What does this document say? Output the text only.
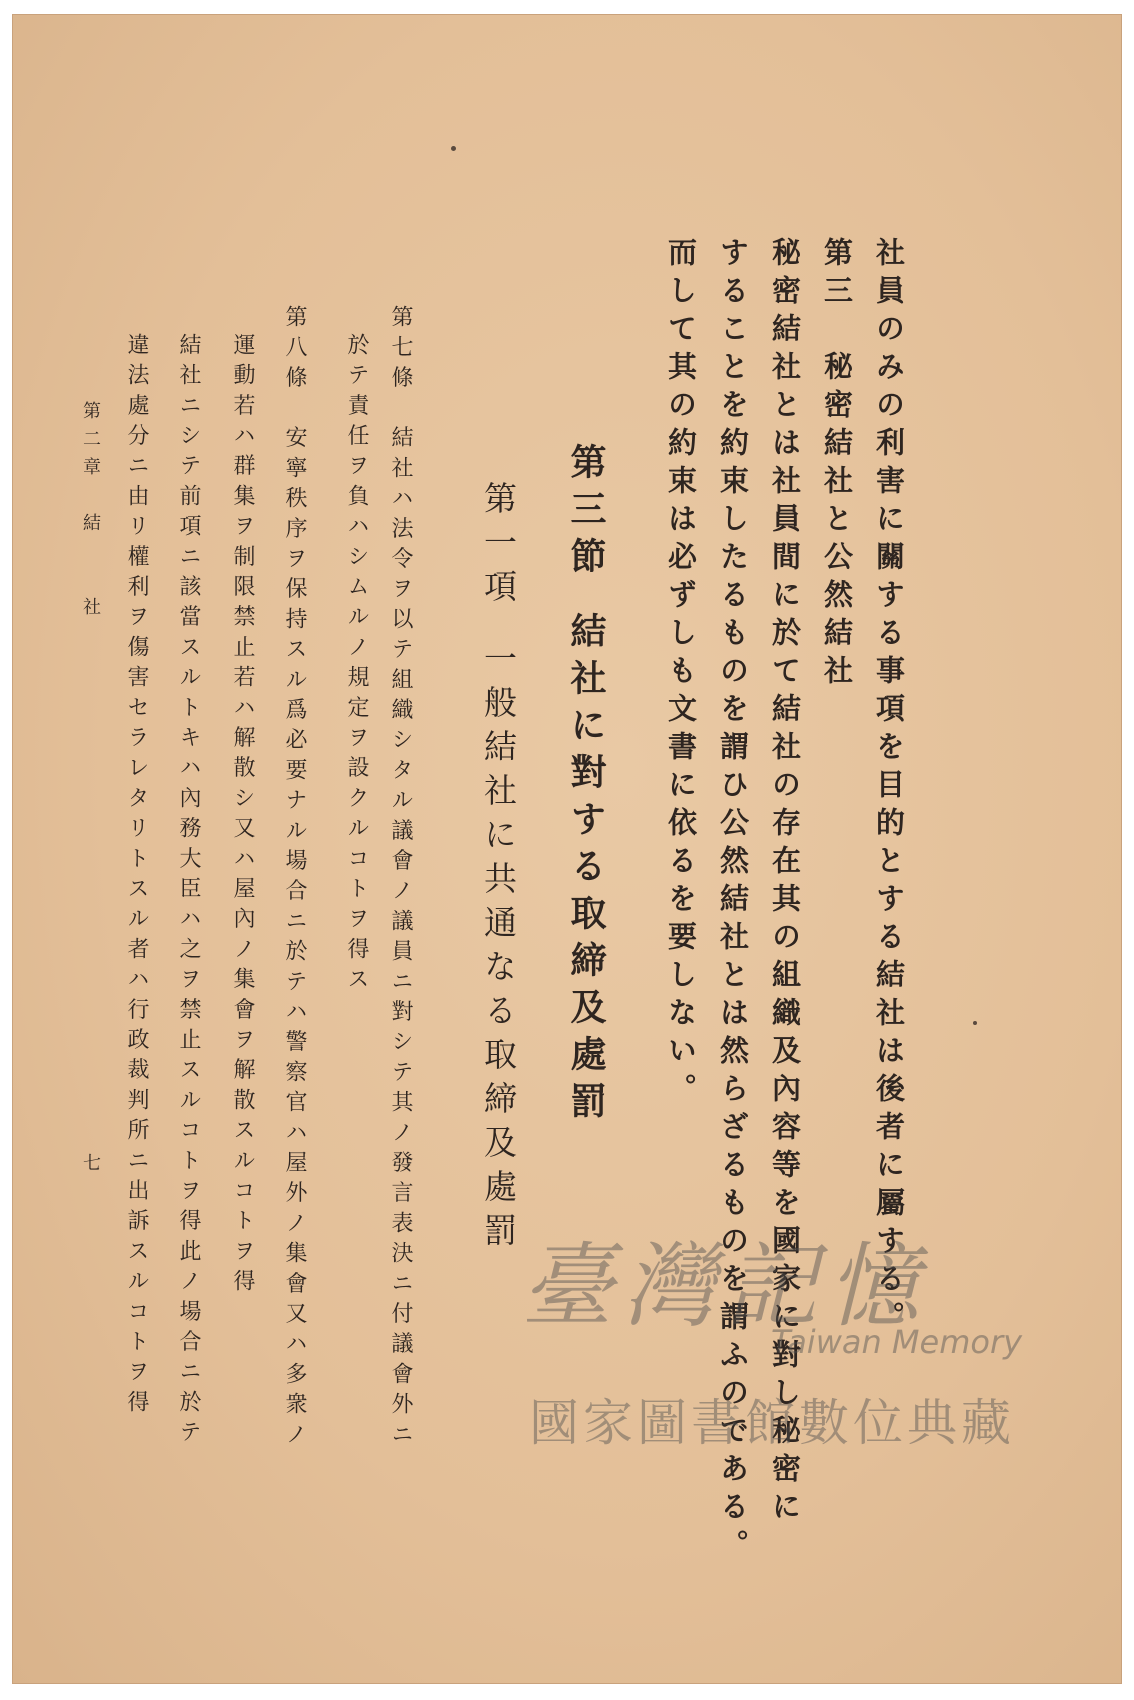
社員のみの利害に關する事項を目的とする結社は後者に屬する。
第三　秘密結社と公然結社
秘密結社とは社員間に於て結社の存在其の組織及內容等を國家に對し秘密に
することを約束したるものを謂ひ公然結社とは然らざるものを謂ふのである。
而して其の約束は必ずしも文書に依るを要しない。
第三節結社に對する取締及處罰
第一項一般結社に共通なる取締及處罰
第七條　結社ハ法令ヲ以テ組織シタル議會ノ議員ニ對シテ其ノ發言表決ニ付議會外ニ
於テ責任ヲ負ハシムルノ規定ヲ設クルコトヲ得ス
第八條　安寧秩序ヲ保持スル爲必要ナル場合ニ於テハ警察官ハ屋外ノ集會又ハ多衆ノ
運動若ハ群集ヲ制限禁止若ハ解散シ又ハ屋內ノ集會ヲ解散スルコトヲ得
結社ニシテ前項ニ該當スルトキハ內務大臣ハ之ヲ禁止スルコトヲ得此ノ場合ニ於テ
違法處分ニ由リ權利ヲ傷害セラレタリトスル者ハ行政裁判所ニ出訴スルコトヲ得
第二章　結　　社
七
臺灣記憶
Taiwan Memory
國家圖書館數位典藏
